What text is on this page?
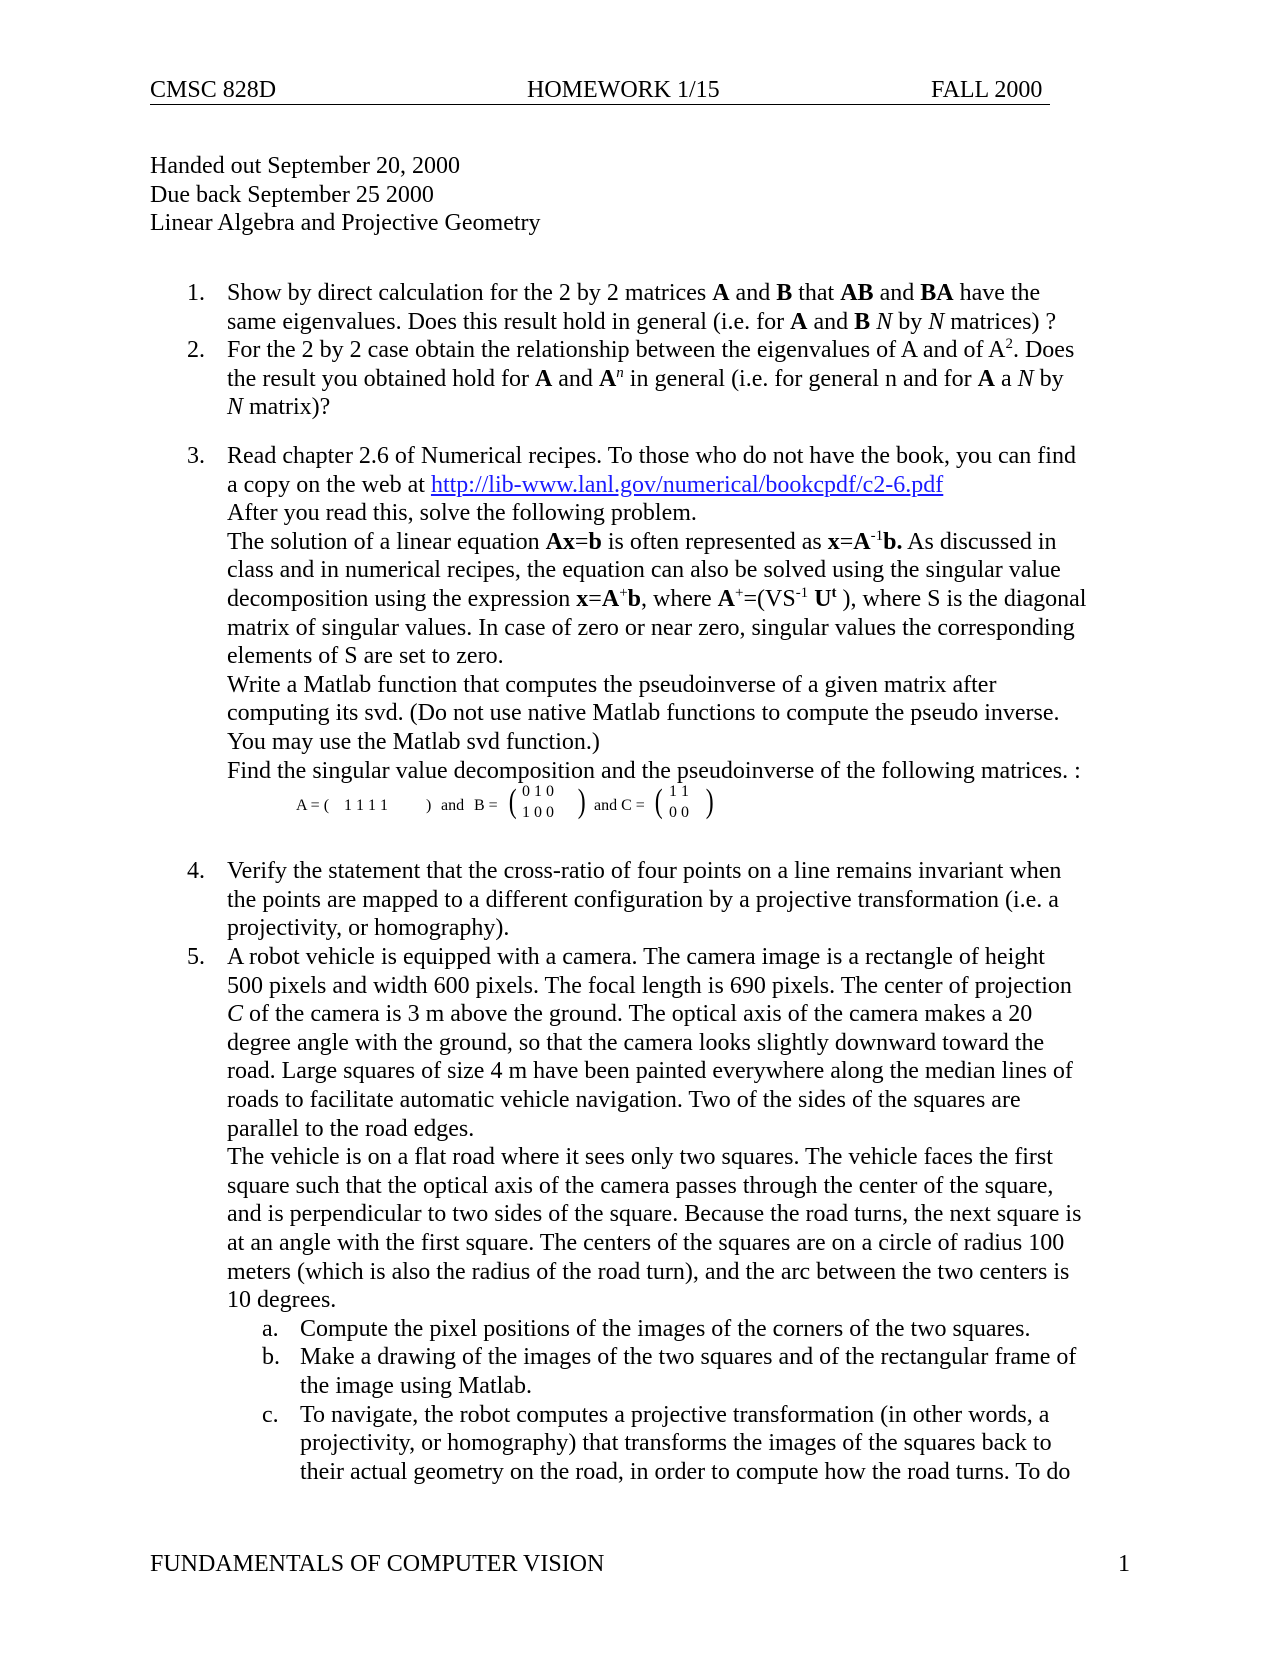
CMSC 828D	HOMEWORK 1/15	FALL 2000
Handed out September 20, 2000
Due back September 25 2000
Linear Algebra and Projective Geometry
1. Show by direct calculation for the 2 by 2 matrices A and B that AB and BA have the
same eigenvalues. Does this result hold in general (i.e. for A and B N by N matrices) ?
2. For the 2 by 2 case obtain the relationship between the eigenvalues of A and of $A^2$. Does
the result you obtained hold for A and $A^n$ in general (i.e. for general n and for A a N by
N matrix)?
3. Read chapter 2.6 of Numerical recipes. To those who do not have the book, you can find
a copy on the web at http://lib-www.lanl.gov/numerical/bookcpdf/c2-6.pdf
After you read this, solve the following problem.
The solution of a linear equation Ax=b is often represented as $x=A^{-1}b$. As discussed in
class and in numerical recipes, the equation can also be solved using the singular value
decomposition using the expression x=A+b, where $A^+=(VS^{-1}$ $U^t$ ), where S is the diagonal
matrix of singular values. In case of zero or near zero, singular values the corresponding
elements of S are set to zero.
Write a Matlab function that computes the pseudoinverse of a given matrix after
computing its svd. (Do not use native Matlab functions to compute the pseudo inverse.
You may use the Matlab svd function.)
Find the singular value decomposition and the pseudoinverse of the following matrices. :
A = ( 1 1 1 1 ) and B = ( 0 1 0
1 0 0 ) and C = ( 1 1
0 0 )
4. Verify the statement that the cross-ratio of four points on a line remains invariant when
the points are mapped to a different configuration by a projective transformation (i.e. a
projectivity, or homography).
5. A robot vehicle is equipped with a camera. The camera image is a rectangle of height
500 pixels and width 600 pixels. The focal length is 690 pixels. The center of projection
C of the camera is 3 m above the ground. The optical axis of the camera makes a 20
degree angle with the ground, so that the camera looks slightly downward toward the
road. Large squares of size 4 m have been painted everywhere along the median lines of
roads to facilitate automatic vehicle navigation. Two of the sides of the squares are
parallel to the road edges.
The vehicle is on a flat road where it sees only two squares. The vehicle faces the first
square such that the optical axis of the camera passes through the center of the square,
and is perpendicular to two sides of the square. Because the road turns, the next square is
at an angle with the first square. The centers of the squares are on a circle of radius 100
meters (which is also the radius of the road turn), and the arc between the two centers is
10 degrees.
a. Compute the pixel positions of the images of the corners of the two squares.
b. Make a drawing of the images of the two squares and of the rectangular frame of
the image using Matlab.
c. To navigate, the robot computes a projective transformation (in other words, a
projectivity, or homography) that transforms the images of the squares back to
their actual geometry on the road, in order to compute how the road turns. To do
FUNDAMENTALS OF COMPUTER VISION	1
